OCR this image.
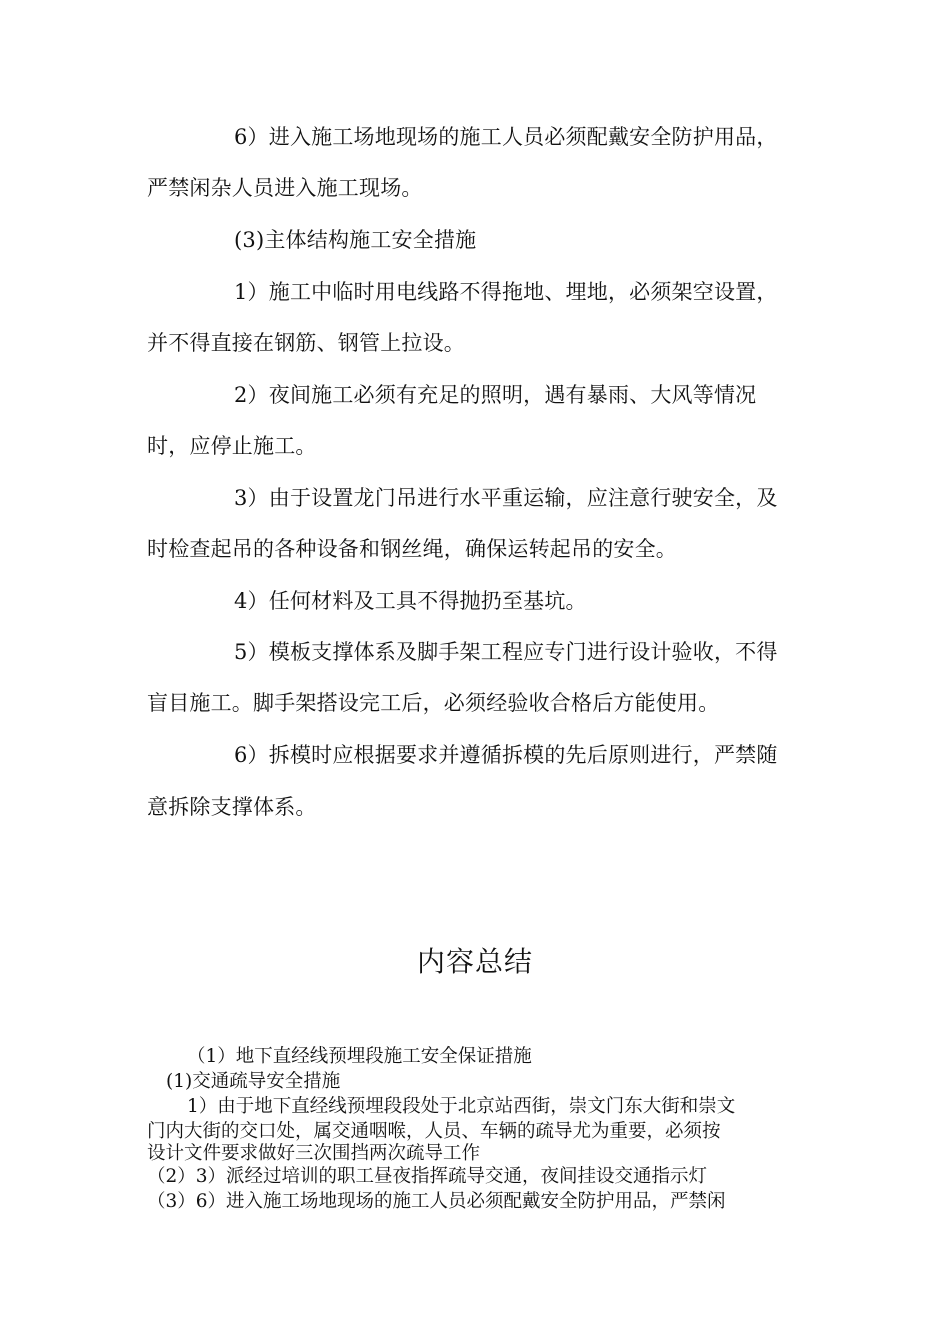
6）进入施工场地现场的施工人员必须配戴安全防护用品，
严禁闲杂人员进入施工现场。
(3)主体结构施工安全措施
1）施工中临时用电线路不得拖地、埋地，必须架空设置，
并不得直接在钢筋、钢管上拉设。
2）夜间施工必须有充足的照明，遇有暴雨、大风等情况
时，应停止施工。
3）由于设置龙门吊进行水平重运输，应注意行驶安全，及
时检查起吊的各种设备和钢丝绳，确保运转起吊的安全。
4）任何材料及工具不得抛扔至基坑。
5）模板支撑体系及脚手架工程应专门进行设计验收，不得
盲目施工。脚手架搭设完工后，必须经验收合格后方能使用。
6）拆模时应根据要求并遵循拆模的先后原则进行，严禁随
意拆除支撑体系。
内容总结
（1）地下直经线预埋段施工安全保证措施
(1)交通疏导安全措施
1）由于地下直经线预埋段段处于北京站西街，崇文门东大街和崇文
门内大街的交口处，属交通咽喉，人员、车辆的疏导尤为重要，必须按
设计文件要求做好三次围挡两次疏导工作
（2）3）派经过培训的职工昼夜指挥疏导交通，夜间挂设交通指示灯
（3）6）进入施工场地现场的施工人员必须配戴安全防护用品，严禁闲
